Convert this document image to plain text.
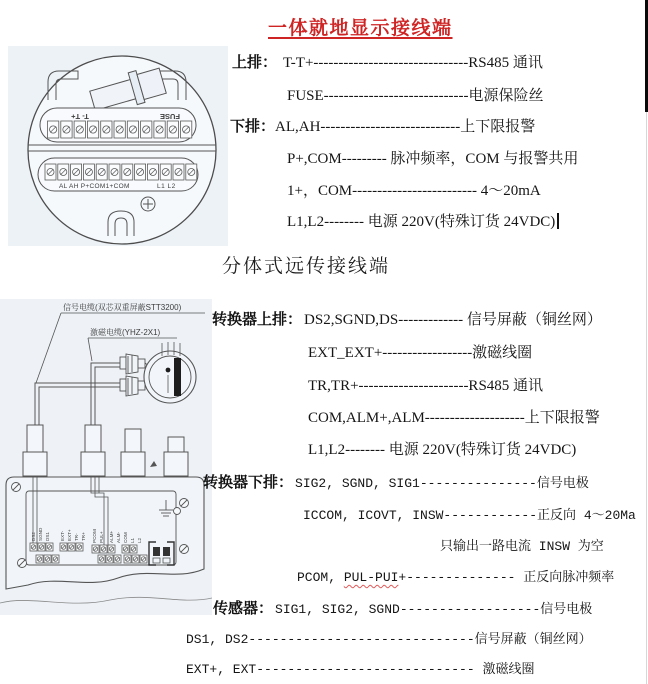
一体就地显示接线端
T- T+	FUSE
AL AH P+COM1+COM	L1 L2
上排： T-T+-------------------------------RS485 通讯
FUSE-----------------------------电源保险丝
下排：AL,AH----------------------------上下限报警
P+,COM--------- 脉冲频率，COM 与报警共用
1+，COM------------------------- 4～20mA
L1,L2-------- 电源 220V(特殊订货 24VDC)
分体式远传接线端
信号电缆(双芯双重屏蔽STT3200)
激磁电缆(YHZ-2X1)
DS2 SGND DS1 EXT- EXT+ TR- TR+ PCOM PUL+ ALM+ ALM- COM L1 L2
转换器上排： DS2,SGND,DS------------- 信号屏蔽（铜丝网）
EXT_EXT+------------------激磁线圈
TR,TR+----------------------RS485 通讯
COM,ALM+,ALM--------------------上下限报警
L1,L2-------- 电源 220V(特殊订货 24VDC)
转换器下排： SIG2, SGND, SIG1---------------信号电极
ICCOM, ICOVT, INSW------------正反向 4～20Ma
只输出一路电流 INSW 为空
PCOM, PUL-PUI+-------------- 正反向脉冲频率
传感器： SIG1, SIG2, SGND------------------信号电极
DS1, DS2-----------------------------信号屏蔽（铜丝网）
EXT+, EXT---------------------------- 激磁线圈
